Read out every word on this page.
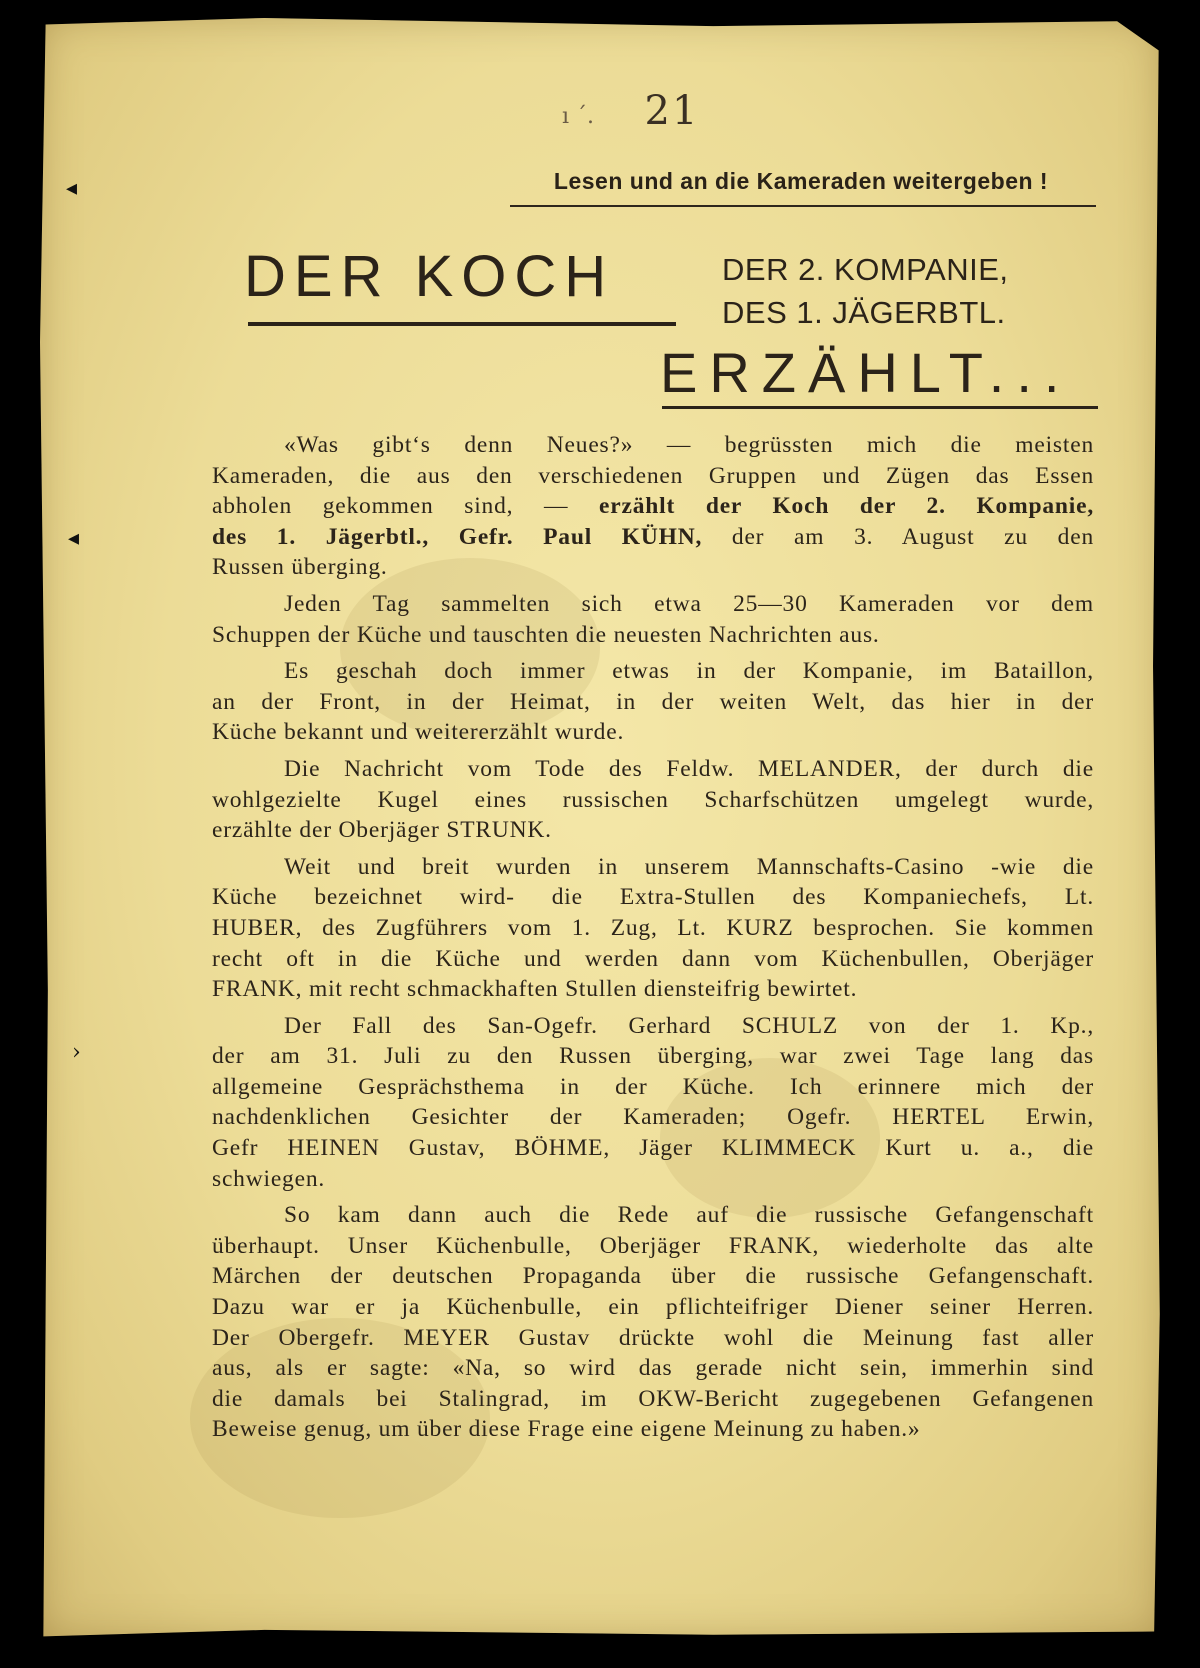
◂
◂
›
ı ´.	21
Lesen und an die Kameraden weitergeben !
DER KOCH	DER 2. KOMPANIE,
DES 1. JÄGERBTL.
ERZÄHLT...

«Was gibt‘s denn Neues?» — begrüssten mich die meisten
Kameraden, die aus den verschiedenen Gruppen und Zügen das Essen
abholen gekommen sind, — erzählt der Koch der 2. Kompanie,
des 1. Jägerbtl., Gefr. Paul KÜHN, der am 3. August zu den
Russen überging.

Jeden Tag sammelten sich etwa 25—30 Kameraden vor dem
Schuppen der Küche und tauschten die neuesten Nachrichten aus.

Es geschah doch immer etwas in der Kompanie, im Bataillon,
an der Front, in der Heimat, in der weiten Welt, das hier in der
Küche bekannt und weitererzählt wurde.

Die Nachricht vom Tode des Feldw. MELANDER, der durch die
wohlgezielte Kugel eines russischen Scharfschützen umgelegt wurde,
erzählte der Oberjäger STRUNK.

Weit und breit wurden in unserem Mannschafts-Casino -wie die
Küche bezeichnet wird- die Extra-Stullen des Kompaniechefs, Lt.
HUBER, des Zugführers vom 1. Zug, Lt. KURZ besprochen. Sie kommen
recht oft in die Küche und werden dann vom Küchenbullen, Oberjäger
FRANK, mit recht schmackhaften Stullen diensteifrig bewirtet.

Der Fall des San-Ogefr. Gerhard SCHULZ von der 1. Kp.,
der am 31. Juli zu den Russen überging, war zwei Tage lang das
allgemeine Gesprächsthema in der Küche. Ich erinnere mich der
nachdenklichen Gesichter der Kameraden; Ogefr. HERTEL Erwin,
Gefr HEINEN Gustav, BÖHME, Jäger KLIMMECK Kurt u. a., die
schwiegen.

So kam dann auch die Rede auf die russische Gefangenschaft
überhaupt. Unser Küchenbulle, Oberjäger FRANK, wiederholte das alte
Märchen der deutschen Propaganda über die russische Gefangenschaft.
Dazu war er ja Küchenbulle, ein pflichteifriger Diener seiner Herren.
Der Obergefr. MEYER Gustav drückte wohl die Meinung fast aller
aus, als er sagte: «Na, so wird das gerade nicht sein, immerhin sind
die damals bei Stalingrad, im OKW-Bericht zugegebenen Gefangenen
Beweise genug, um über diese Frage eine eigene Meinung zu haben.»
